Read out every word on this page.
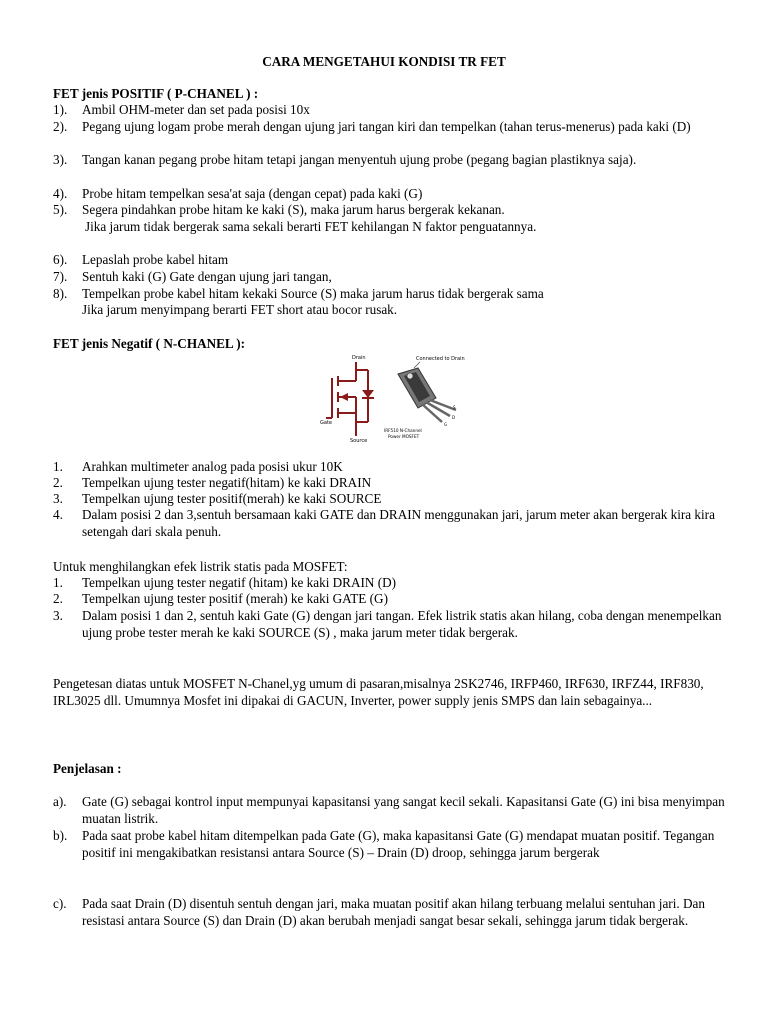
CARA MENGETAHUI KONDISI TR FET
FET jenis POSITIF ( P-CHANEL ) :
1). Ambil OHM-meter dan set pada posisi 10x
2). Pegang ujung logam probe merah dengan ujung jari tangan kiri dan tempelkan (tahan terus-menerus) pada kaki (D)
3). Tangan kanan pegang probe hitam tetapi jangan menyentuh ujung probe (pegang bagian plastiknya saja).
4). Probe hitam tempelkan sesa'at saja (dengan cepat) pada kaki (G)
5). Segera pindahkan probe hitam ke kaki (S), maka jarum harus bergerak kekanan.
Jika jarum tidak bergerak sama sekali berarti FET kehilangan N faktor penguatannya.
6). Lepaslah probe kabel hitam
7). Sentuh kaki (G) Gate dengan ujung jari tangan,
8). Tempelkan probe kabel hitam kekaki Source (S) maka jarum harus tidak bergerak sama
Jika jarum menyimpang berarti FET short atau bocor rusak.
FET jenis Negatif ( N-CHANEL ):
Drain
Gate
Source
Connected to Drain
S
D
G
IRF510 N-Channel
Power MOSFET
1. Arahkan multimeter analog pada posisi ukur 10K
2. Tempelkan ujung tester negatif(hitam) ke kaki DRAIN
3. Tempelkan ujung tester positif(merah) ke kaki SOURCE
4. Dalam posisi 2 dan 3,sentuh bersamaan kaki GATE dan DRAIN menggunakan jari, jarum meter akan bergerak kira kira setengah dari skala penuh.
Untuk menghilangkan efek listrik statis pada MOSFET:
1. Tempelkan ujung tester negatif (hitam) ke kaki DRAIN (D)
2. Tempelkan ujung tester positif (merah) ke kaki GATE (G)
3. Dalam posisi 1 dan 2, sentuh kaki Gate (G) dengan jari tangan. Efek listrik statis akan hilang, coba dengan menempelkan ujung probe tester merah ke kaki SOURCE (S) , maka jarum meter tidak bergerak.
Pengetesan diatas untuk MOSFET N-Chanel,yg umum di pasaran,misalnya 2SK2746, IRFP460, IRF630, IRFZ44, IRF830, IRL3025 dll. Umumnya Mosfet ini dipakai di GACUN, Inverter, power supply jenis SMPS dan lain sebagainya...
Penjelasan :
a). Gate (G) sebagai kontrol input mempunyai kapasitansi yang sangat kecil sekali. Kapasitansi Gate (G) ini bisa menyimpan muatan listrik.
b). Pada saat probe kabel hitam ditempelkan pada Gate (G), maka kapasitansi Gate (G) mendapat muatan positif. Tegangan positif ini mengakibatkan resistansi antara Source (S) – Drain (D) droop, sehingga jarum bergerak
c). Pada saat Drain (D) disentuh sentuh dengan jari, maka muatan positif akan hilang terbuang melalui sentuhan jari. Dan resistasi antara Source (S) dan Drain (D) akan berubah menjadi sangat besar sekali, sehingga jarum tidak bergerak.
